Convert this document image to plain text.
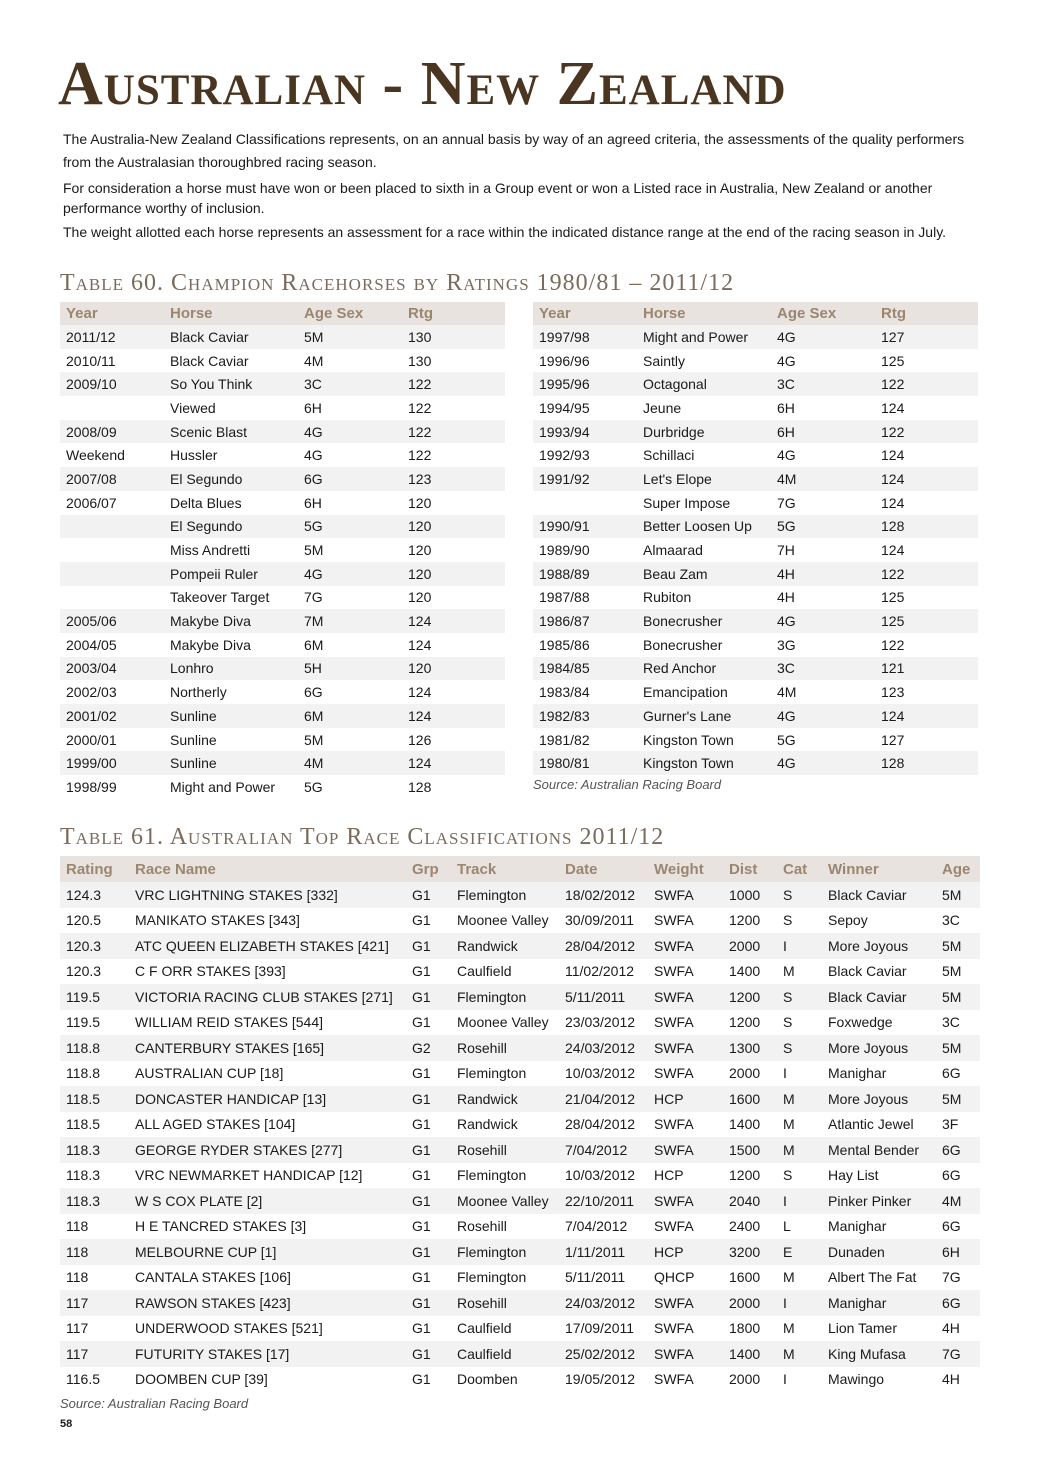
Australian - New Zealand

The Australia-New Zealand Classifications represents, on an annual basis by way of an agreed criteria, the assessments of the quality performers from the Australasian thoroughbred racing season.

For consideration a horse must have won or been placed to sixth in a Group event or won a Listed race in Australia, New Zealand or another performance worthy of inclusion.

The weight allotted each horse represents an assessment for a race within the indicated distance range at the end of the racing season in July.

Table 60. Champion Racehorses by Ratings 1980/81 – 2011/12
Year	Horse	Age Sex	Rtg
2011/12	Black Caviar	5M	130
2010/11	Black Caviar	4M	130
2009/10	So You Think	3C	122
	Viewed	6H	122
2008/09	Scenic Blast	4G	122
Weekend	Hussler	4G	122
2007/08	El Segundo	6G	123
2006/07	Delta Blues	6H	120
	El Segundo	5G	120
	Miss Andretti	5M	120
	Pompeii Ruler	4G	120
	Takeover Target	7G	120
2005/06	Makybe Diva	7M	124
2004/05	Makybe Diva	6M	124
2003/04	Lonhro	5H	120
2002/03	Northerly	6G	124
2001/02	Sunline	6M	124
2000/01	Sunline	5M	126
1999/00	Sunline	4M	124
1998/99	Might and Power	5G	128
Year	Horse	Age Sex	Rtg
1997/98	Might and Power	4G	127
1996/96	Saintly	4G	125
1995/96	Octagonal	3C	122
1994/95	Jeune	6H	124
1993/94	Durbridge	6H	122
1992/93	Schillaci	4G	124
1991/92	Let's Elope	4M	124
	Super Impose	7G	124
1990/91	Better Loosen Up	5G	128
1989/90	Almaarad	7H	124
1988/89	Beau Zam	4H	122
1987/88	Rubiton	4H	125
1986/87	Bonecrusher	4G	125
1985/86	Bonecrusher	3G	122
1984/85	Red Anchor	3C	121
1983/84	Emancipation	4M	123
1982/83	Gurner's Lane	4G	124
1981/82	Kingston Town	5G	127
1980/81	Kingston Town	4G	128

Source: Australian Racing Board

Table 61. Australian Top Race Classifications 2011/12
Rating	Race Name	Grp	Track	Date	Weight	Dist	Cat	Winner	Age
124.3	VRC LIGHTNING STAKES [332]	G1	Flemington	18/02/2012	SWFA	1000	S	Black Caviar	5M
120.5	MANIKATO STAKES [343]	G1	Moonee Valley	30/09/2011	SWFA	1200	S	Sepoy	3C
120.3	ATC QUEEN ELIZABETH STAKES [421]	G1	Randwick	28/04/2012	SWFA	2000	I	More Joyous	5M
120.3	C F ORR STAKES [393]	G1	Caulfield	11/02/2012	SWFA	1400	M	Black Caviar	5M
119.5	VICTORIA RACING CLUB STAKES [271]	G1	Flemington	5/11/2011	SWFA	1200	S	Black Caviar	5M
119.5	WILLIAM REID STAKES [544]	G1	Moonee Valley	23/03/2012	SWFA	1200	S	Foxwedge	3C
118.8	CANTERBURY STAKES [165]	G2	Rosehill	24/03/2012	SWFA	1300	S	More Joyous	5M
118.8	AUSTRALIAN CUP [18]	G1	Flemington	10/03/2012	SWFA	2000	I	Manighar	6G
118.5	DONCASTER HANDICAP [13]	G1	Randwick	21/04/2012	HCP	1600	M	More Joyous	5M
118.5	ALL AGED STAKES [104]	G1	Randwick	28/04/2012	SWFA	1400	M	Atlantic Jewel	3F
118.3	GEORGE RYDER STAKES [277]	G1	Rosehill	7/04/2012	SWFA	1500	M	Mental Bender	6G
118.3	VRC NEWMARKET HANDICAP [12]	G1	Flemington	10/03/2012	HCP	1200	S	Hay List	6G
118.3	W S COX PLATE [2]	G1	Moonee Valley	22/10/2011	SWFA	2040	I	Pinker Pinker	4M
118	H E TANCRED STAKES [3]	G1	Rosehill	7/04/2012	SWFA	2400	L	Manighar	6G
118	MELBOURNE CUP [1]	G1	Flemington	1/11/2011	HCP	3200	E	Dunaden	6H
118	CANTALA STAKES [106]	G1	Flemington	5/11/2011	QHCP	1600	M	Albert The Fat	7G
117	RAWSON STAKES [423]	G1	Rosehill	24/03/2012	SWFA	2000	I	Manighar	6G
117	UNDERWOOD STAKES [521]	G1	Caulfield	17/09/2011	SWFA	1800	M	Lion Tamer	4H
117	FUTURITY STAKES [17]	G1	Caulfield	25/02/2012	SWFA	1400	M	King Mufasa	7G
116.5	DOOMBEN CUP [39]	G1	Doomben	19/05/2012	SWFA	2000	I	Mawingo	4H

Source: Australian Racing Board

58
